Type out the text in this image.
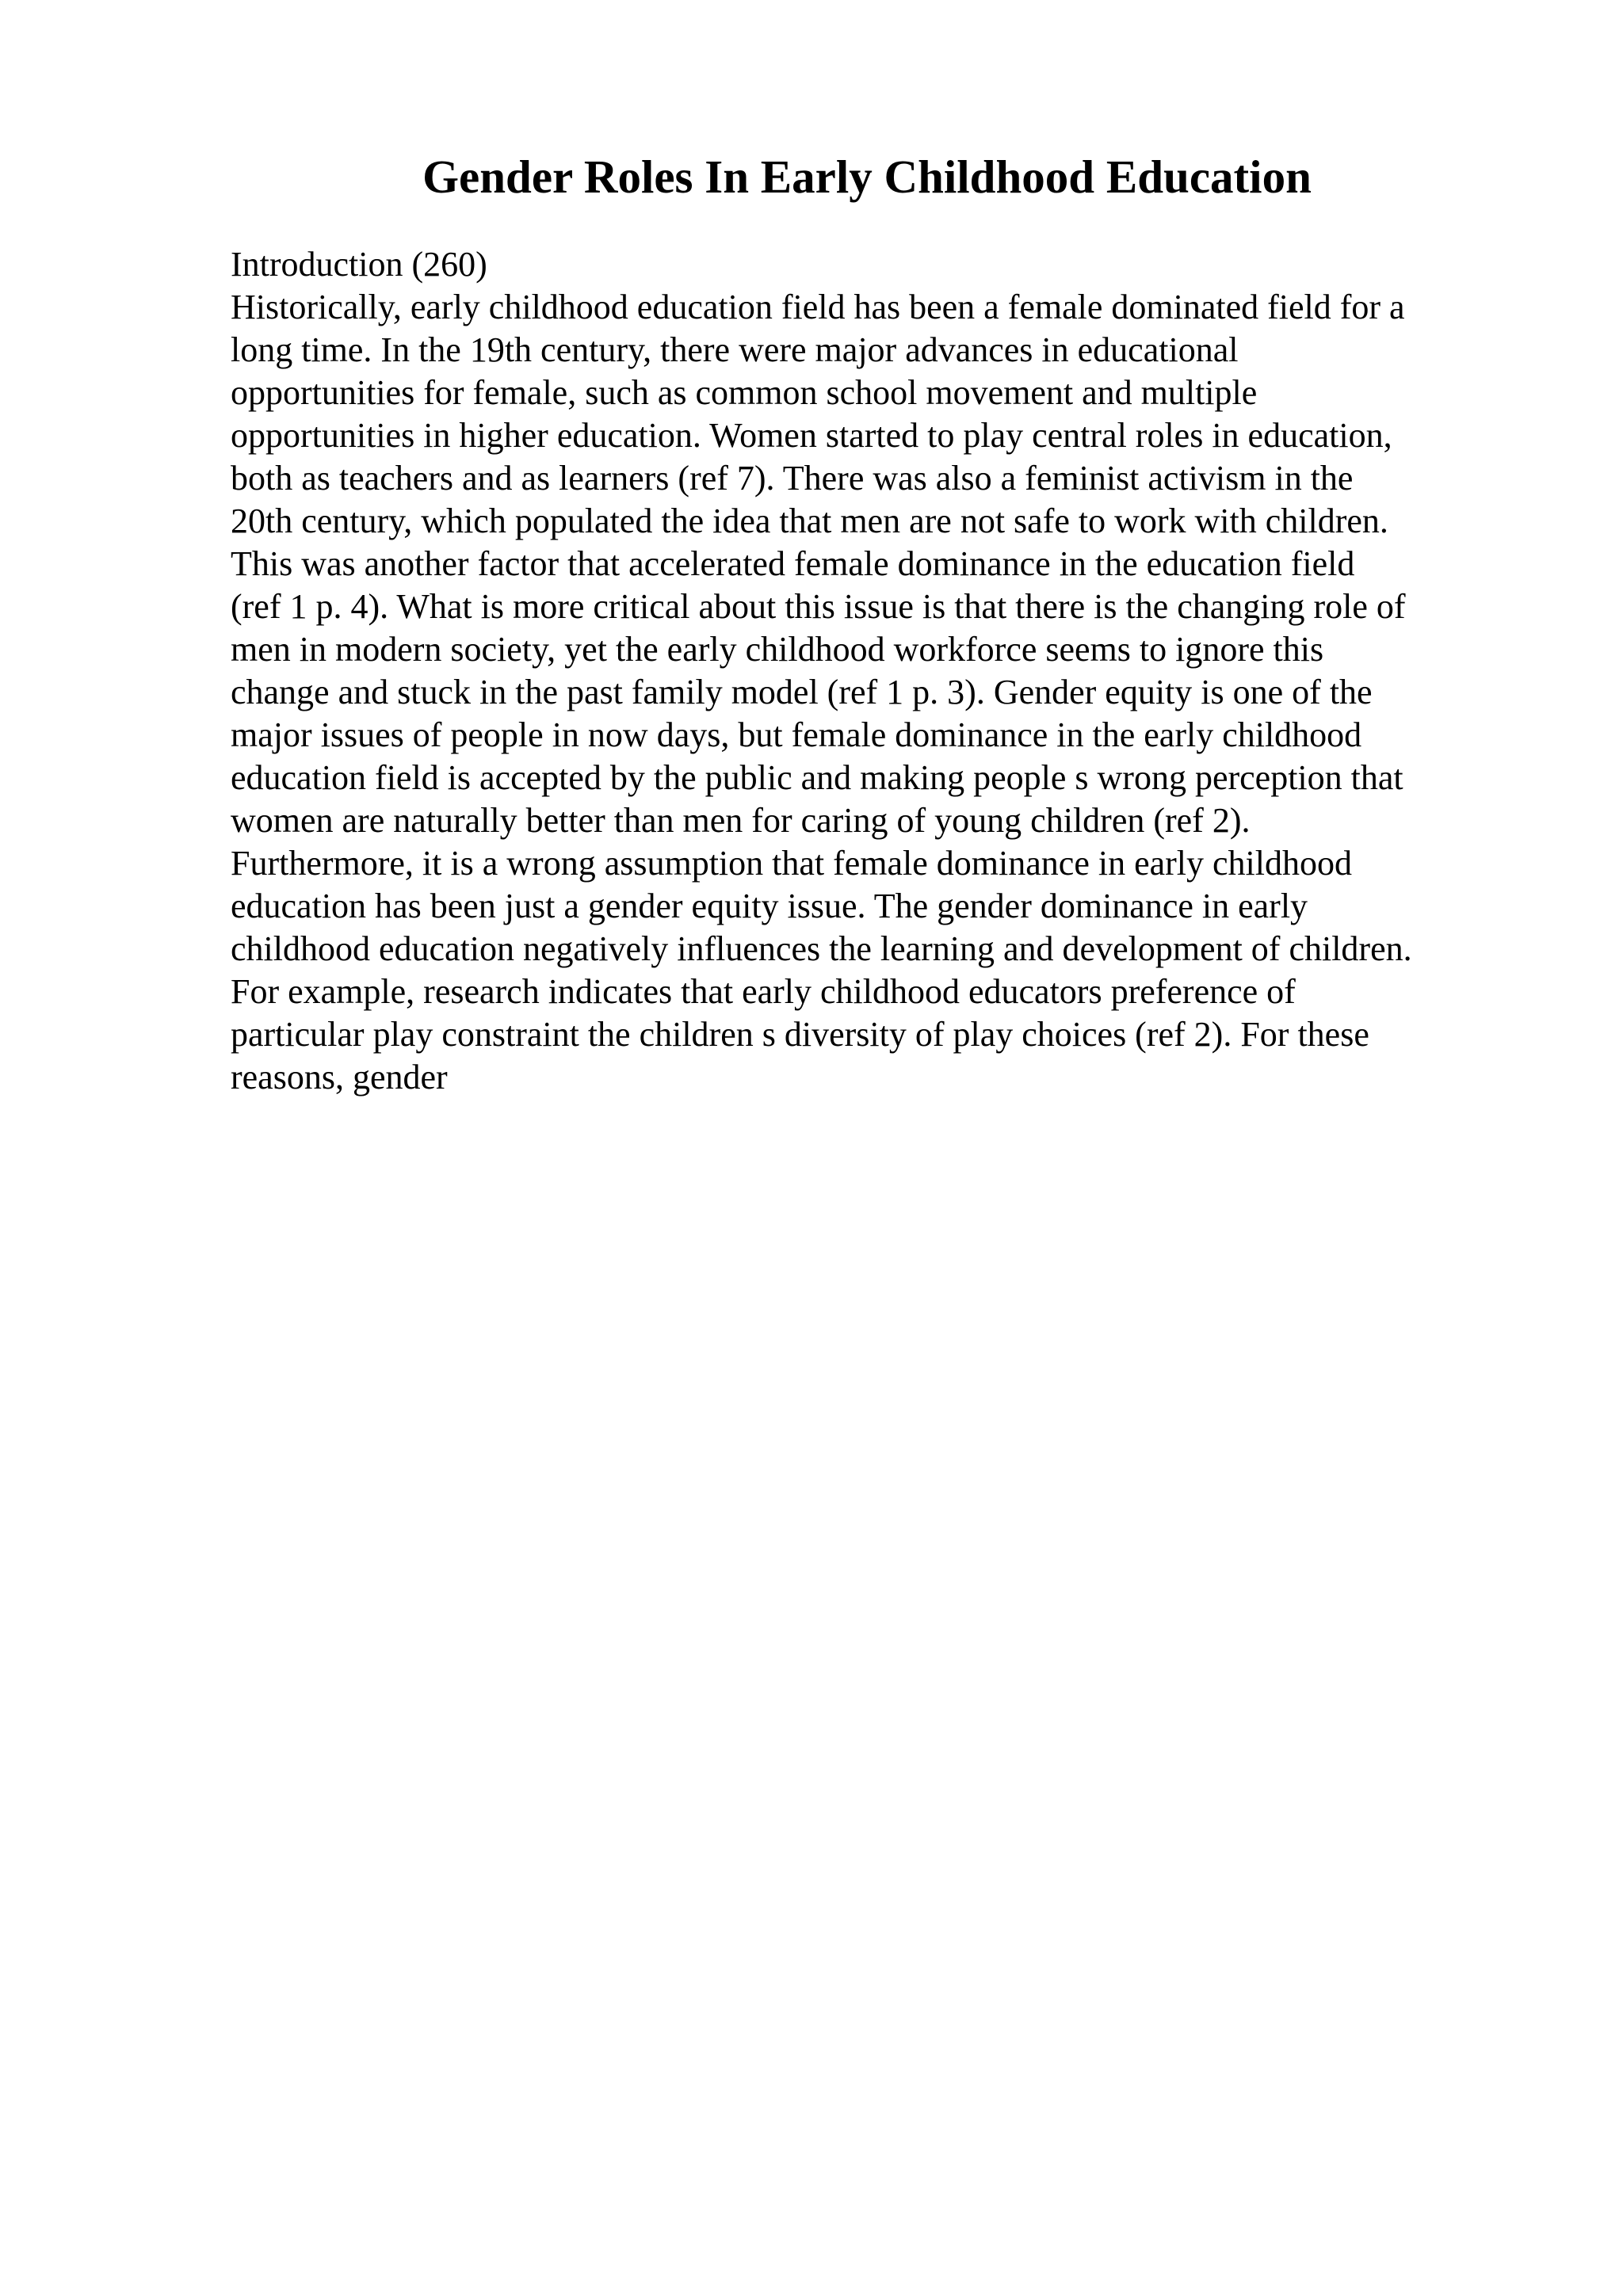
Gender Roles In Early Childhood Education

Introduction (260)

Historically, early childhood education field has been a female dominated field for a
long time. In the 19th century, there were major advances in educational
opportunities for female, such as common school movement and multiple
opportunities in higher education. Women started to play central roles in education,
both as teachers and as learners (ref 7). There was also a feminist activism in the
20th century, which populated the idea that men are not safe to work with children.
This was another factor that accelerated female dominance in the education field
(ref 1 p. 4). What is more critical about this issue is that there is the changing role of
men in modern society, yet the early childhood workforce seems to ignore this
change and stuck in the past family model (ref 1 p. 3). Gender equity is one of the
major issues of people in now days, but female dominance in the early childhood
education field is accepted by the public and making people s wrong perception that
women are naturally better than men for caring of young children (ref 2).
Furthermore, it is a wrong assumption that female dominance in early childhood
education has been just a gender equity issue. The gender dominance in early
childhood education negatively influences the learning and development of children.
For example, research indicates that early childhood educators preference of
particular play constraint the children s diversity of play choices (ref 2). For these
reasons, gender
